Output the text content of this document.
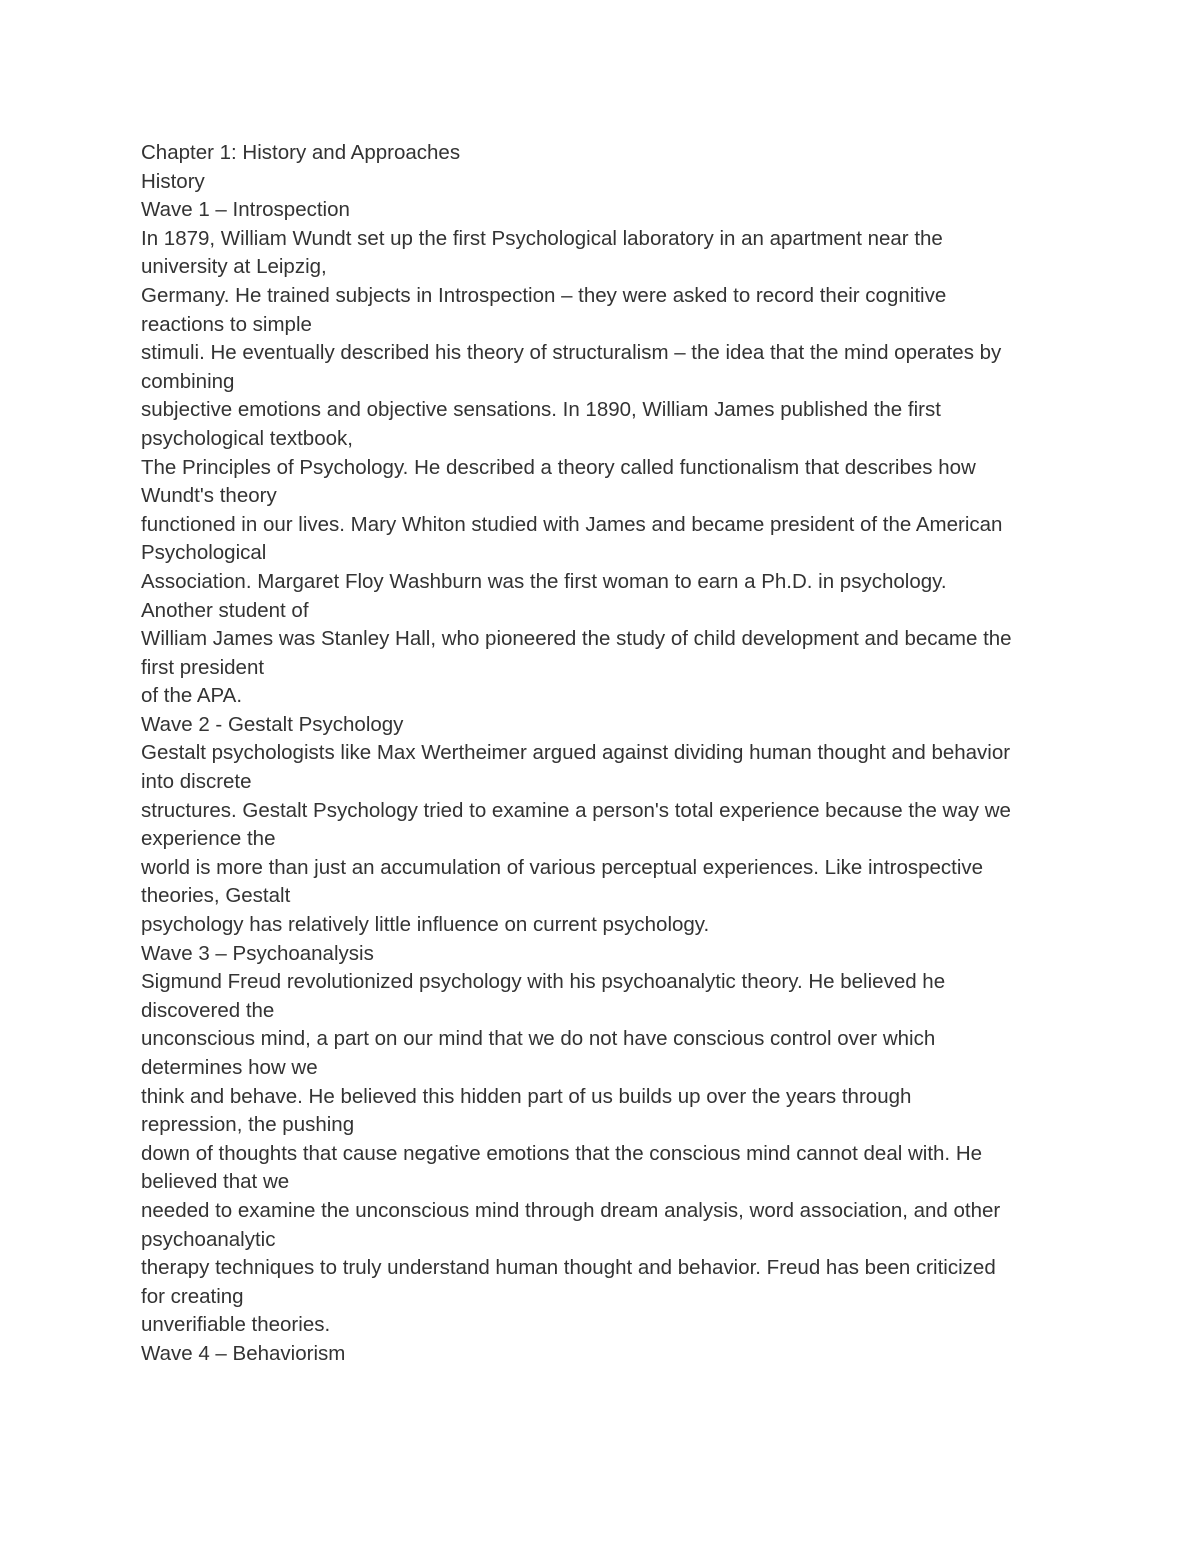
Chapter 1: History and Approaches
History
Wave 1 – Introspection
In 1879, William Wundt set up the first Psychological laboratory in an apartment near the
university at Leipzig,
Germany. He trained subjects in Introspection – they were asked to record their cognitive
reactions to simple
stimuli. He eventually described his theory of structuralism – the idea that the mind operates by
combining
subjective emotions and objective sensations. In 1890, William James published the first
psychological textbook,
The Principles of Psychology. He described a theory called functionalism that describes how
Wundt's theory
functioned in our lives. Mary Whiton studied with James and became president of the American
Psychological
Association. Margaret Floy Washburn was the first woman to earn a Ph.D. in psychology.
Another student of
William James was Stanley Hall, who pioneered the study of child development and became the
first president
of the APA.
Wave 2 - Gestalt Psychology
Gestalt psychologists like Max Wertheimer argued against dividing human thought and behavior
into discrete
structures. Gestalt Psychology tried to examine a person's total experience because the way we
experience the
world is more than just an accumulation of various perceptual experiences. Like introspective
theories, Gestalt
psychology has relatively little influence on current psychology.
Wave 3 – Psychoanalysis
Sigmund Freud revolutionized psychology with his psychoanalytic theory. He believed he
discovered the
unconscious mind, a part on our mind that we do not have conscious control over which
determines how we
think and behave. He believed this hidden part of us builds up over the years through
repression, the pushing
down of thoughts that cause negative emotions that the conscious mind cannot deal with. He
believed that we
needed to examine the unconscious mind through dream analysis, word association, and other
psychoanalytic
therapy techniques to truly understand human thought and behavior. Freud has been criticized
for creating
unverifiable theories.
Wave 4 – Behaviorism
